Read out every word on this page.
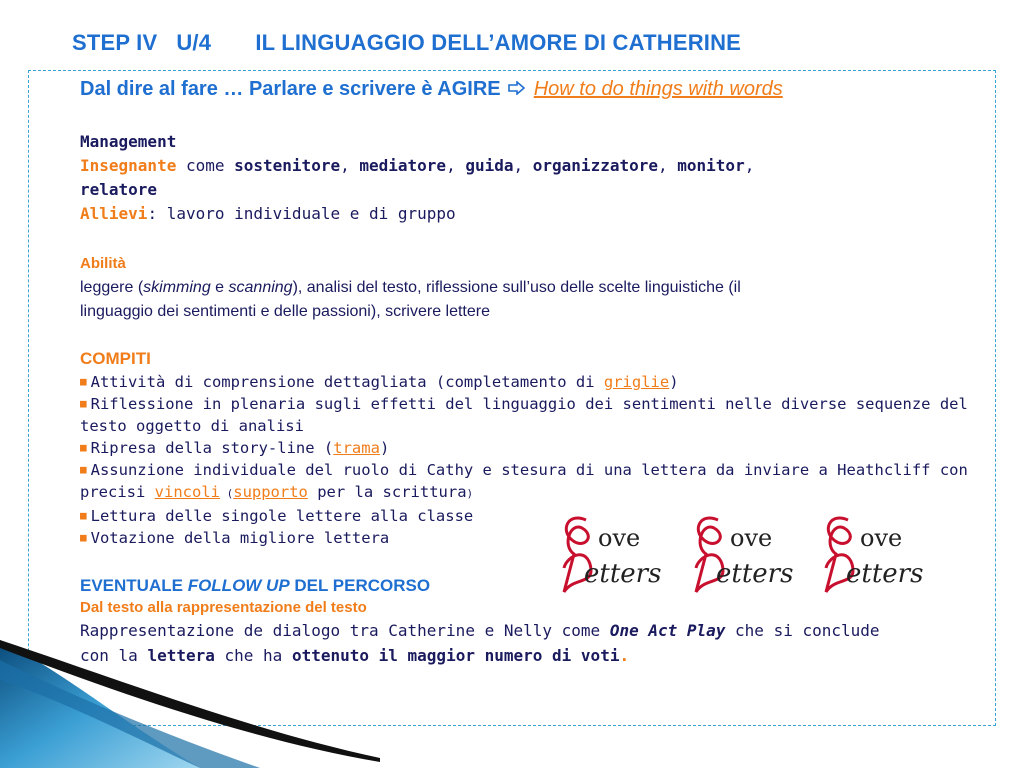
STEP IV U/4 IL LINGUAGGIO DELL’AMORE DI CATHERINE
Dal dire al fare … Parlare e scrivere è AGIRE How to do things with words
Management
Insegnante come sostenitore, mediatore, guida, organizzatore, monitor,
relatore
Allievi: lavoro individuale e di gruppo
Abilità
leggere (skimming e scanning), analisi del testo, riflessione sull’uso delle scelte linguistiche (il
linguaggio dei sentimenti e delle passioni), scrivere lettere
COMPITI
■ Attività di comprensione dettagliata (completamento di griglie)
■ Riflessione in plenaria sugli effetti del linguaggio dei sentimenti nelle diverse sequenze del
testo oggetto di analisi
■ Ripresa della story-line (trama)
■ Assunzione individuale del ruolo di Cathy e stesura di una lettera da inviare a Heathcliff con
precisi vincoli (supporto per la scrittura)
■ Lettura delle singole lettere alla classe
■ Votazione della migliore lettera	ove
etters
ove
etters
ove
etters
EVENTUALE FOLLOW UP DEL PERCORSO
Dal testo alla rappresentazione del testo
Rappresentazione de dialogo tra Catherine e Nelly come One Act Play che si conclude
con la lettera che ha ottenuto il maggior numero di voti.
